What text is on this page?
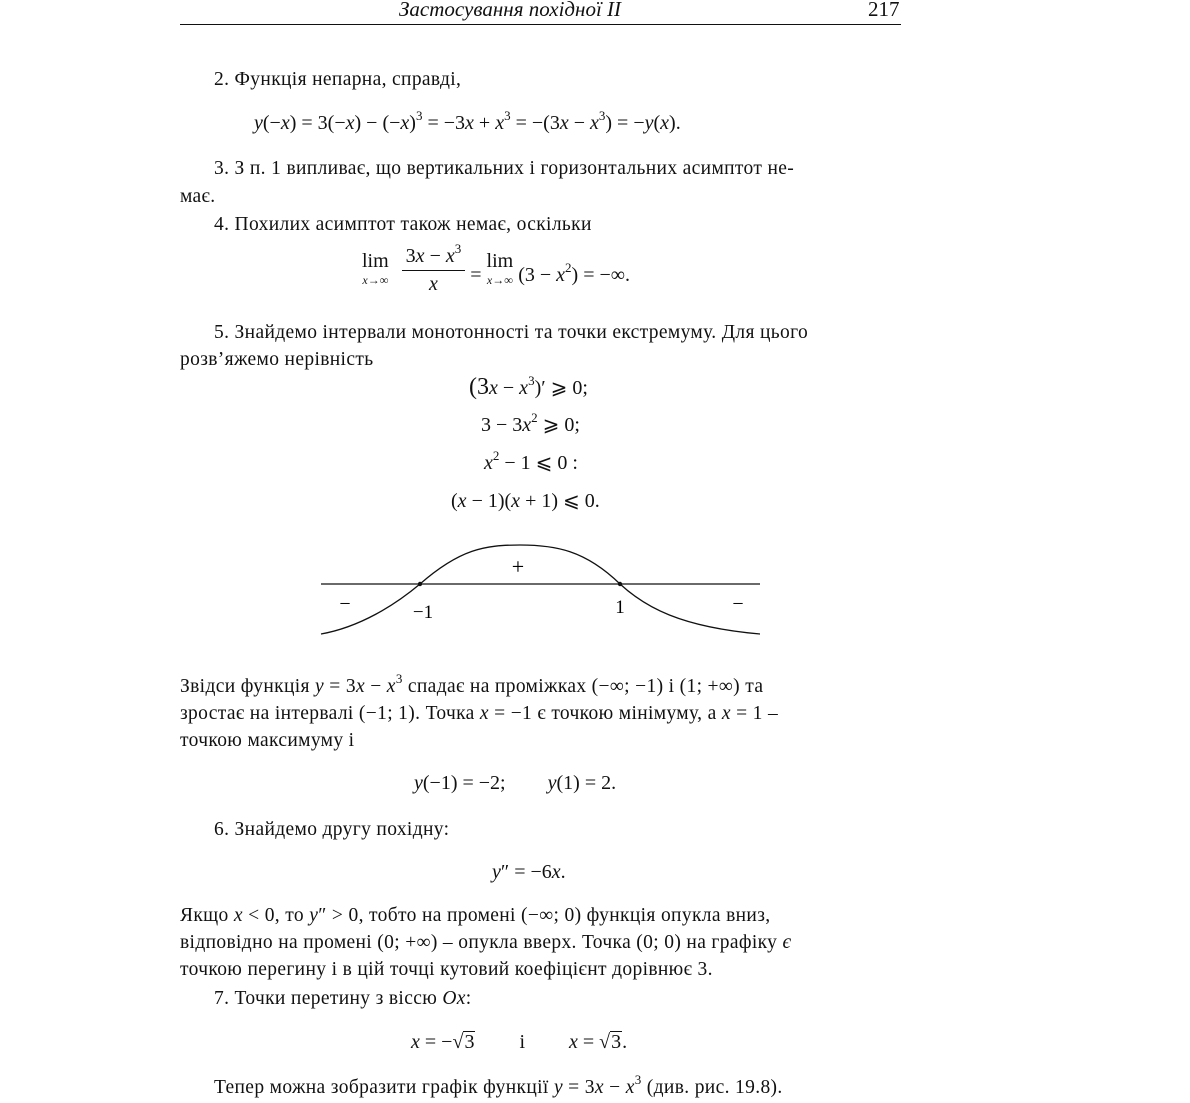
Застосування похідної II	217
2. Функція непарна, справді,
$y(-x) = 3(-x) - (-x)^3 = -3x + x^3 = -(3x - x^3) = -y(x)$.
3. З п. 1 випливає, що вертикальних і горизонтальних асимптот не-
має.
4. Похилих асимптот також немає, оскільки
lim
x→∞
$\frac{3x - x^3}{x} = \lim$
x→∞ $(3 - x^2)$ = −∞.
5. Знайдемо інтервали монотонності та точки екстремуму. Для цього
розв’яжемо нерівність
$(3x - x^3)'$ ⩾ 0;
$3 - 3x^2$ ⩾ 0;
$x^2 - 1$ ⩽ 0 :
(x − 1)(x + 1) ⩽ 0.
+
−	−
−1	1
Звідси функція $y = 3x - x^3$ спадає на проміжках (−∞; −1) і (1; +∞) та
зростає на інтервалі (−1; 1). Точка x = −1 є точкою мінімуму, а x = 1 –
точкою максимуму і
y(−1) = −2; y(1) = 2.
6. Знайдемо другу похідну:
y″ = −6x.
Якщо x < 0, то y″ > 0, тобто на промені (−∞; 0) функція опукла вниз,
відповідно на промені (0; +∞) – опукла вверх. Точка (0; 0) на графіку є
точкою перегину і в цій точці кутовий коефіцієнт дорівнює 3.
7. Точки перетину з віссю Ox:
x = −√3 і x = √3.
Тепер можна зобразити графік функції $y = 3x - x^3$ (див. рис. 19.8).
